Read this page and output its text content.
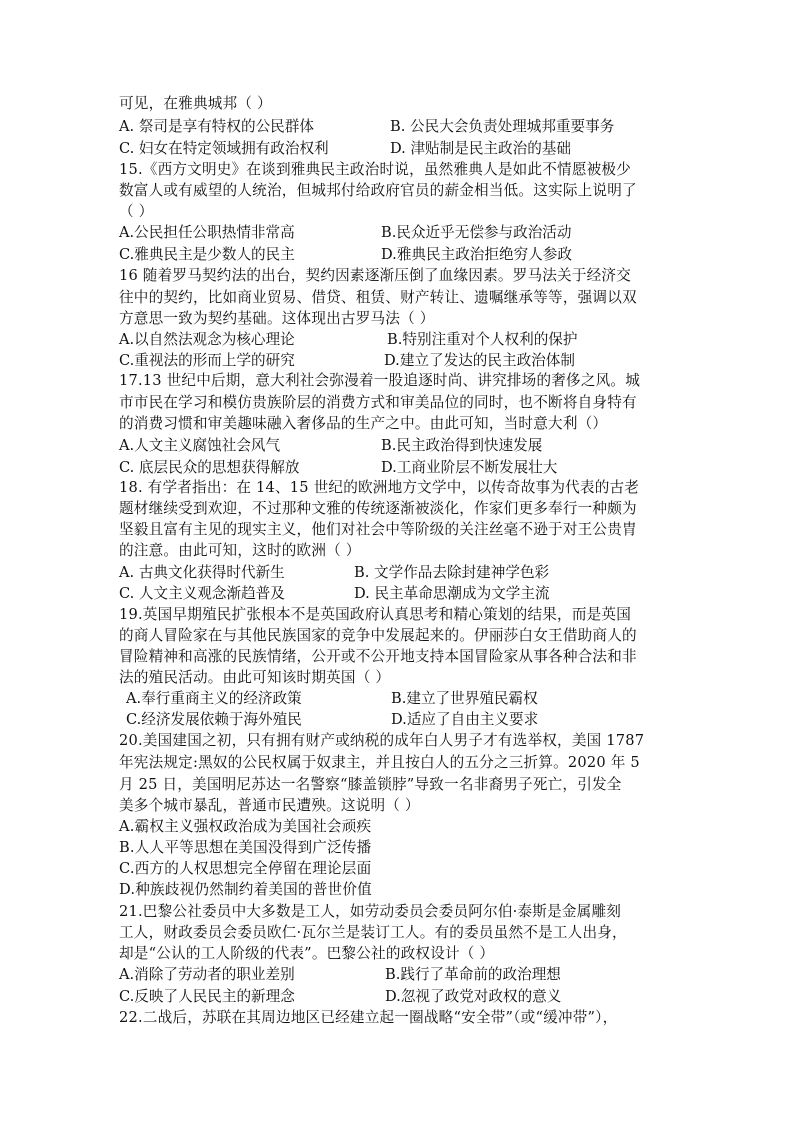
可见，在雅典城邦（ ）
A. 祭司是享有特权的公民群体	B. 公民大会负责处理城邦重要事务
C. 妇女在特定领域拥有政治权利	D. 津贴制是民主政治的基础
15.《西方文明史》在谈到雅典民主政治时说，虽然雅典人是如此不情愿被极少
数富人或有威望的人统治，但城邦付给政府官员的薪金相当低。这实际上说明了
（ ）
A.公民担任公职热情非常高	B.民众近乎无偿参与政治活动
C.雅典民主是少数人的民主	D.雅典民主政治拒绝穷人参政
16 随着罗马契约法的出台，契约因素逐渐压倒了血缘因素。罗马法关于经济交
往中的契约，比如商业贸易、借贷、租赁、财产转让、遗嘱继承等等，强调以双
方意思一致为契约基础。这体现出古罗马法（ ）
A.以自然法观念为核心理论	B.特别注重对个人权利的保护
C.重视法的形而上学的研究	D.建立了发达的民主政治体制
17.13 世纪中后期，意大利社会弥漫着一股追逐时尚、讲究排场的奢侈之风。城
市市民在学习和模仿贵族阶层的消费方式和审美品位的同时，也不断将自身特有
的消费习惯和审美趣味融入奢侈品的生产之中。由此可知，当时意大利（）
A.人文主义腐蚀社会风气	B.民主政治得到快速发展
C. 底层民众的思想获得解放	D.工商业阶层不断发展壮大
18. 有学者指出：在 14、15 世纪的欧洲地方文学中，以传奇故事为代表的古老
题材继续受到欢迎，不过那种文雅的传统逐渐被淡化，作家们更多奉行一种颇为
坚毅且富有主见的现实主义，他们对社会中等阶级的关注丝毫不逊于对王公贵胄
的注意。由此可知，这时的欧洲（ ）
A. 古典文化获得时代新生	B. 文学作品去除封建神学色彩
C. 人文主义观念渐趋普及	D. 民主革命思潮成为文学主流
19.英国早期殖民扩张根本不是英国政府认真思考和精心策划的结果，而是英国
的商人冒险家在与其他民族国家的竞争中发展起来的。伊丽莎白女王借助商人的
冒险精神和高涨的民族情绪，公开或不公开地支持本国冒险家从事各种合法和非
法的殖民活动。由此可知该时期英国（ ）
A.奉行重商主义的经济政策	B.建立了世界殖民霸权
C.经济发展依赖于海外殖民	D.适应了自由主义要求
20.美国建国之初，只有拥有财产或纳税的成年白人男子才有选举权，美国 1787
年宪法规定:黑奴的公民权属于奴隶主，并且按白人的五分之三折算。2020 年 5
月 25 日，美国明尼苏达一名警察“膝盖锁脖”导致一名非裔男子死亡，引发全
美多个城市暴乱，普通市民遭殃。这说明（ ）
A.霸权主义强权政治成为美国社会顽疾
B.人人平等思想在美国没得到广泛传播
C.西方的人权思想完全停留在理论层面
D.种族歧视仍然制约着美国的普世价值
21.巴黎公社委员中大多数是工人，如劳动委员会委员阿尔伯·泰斯是金属雕刻
工人，财政委员会委员欧仁·瓦尔兰是装订工人。有的委员虽然不是工人出身，
却是“公认的工人阶级的代表”。巴黎公社的政权设计（ ）
A.消除了劳动者的职业差别	B.践行了革命前的政治理想
C.反映了人民民主的新理念	D.忽视了政党对政权的意义
22.二战后，苏联在其周边地区已经建立起一圈战略“安全带”（或“缓冲带”），
